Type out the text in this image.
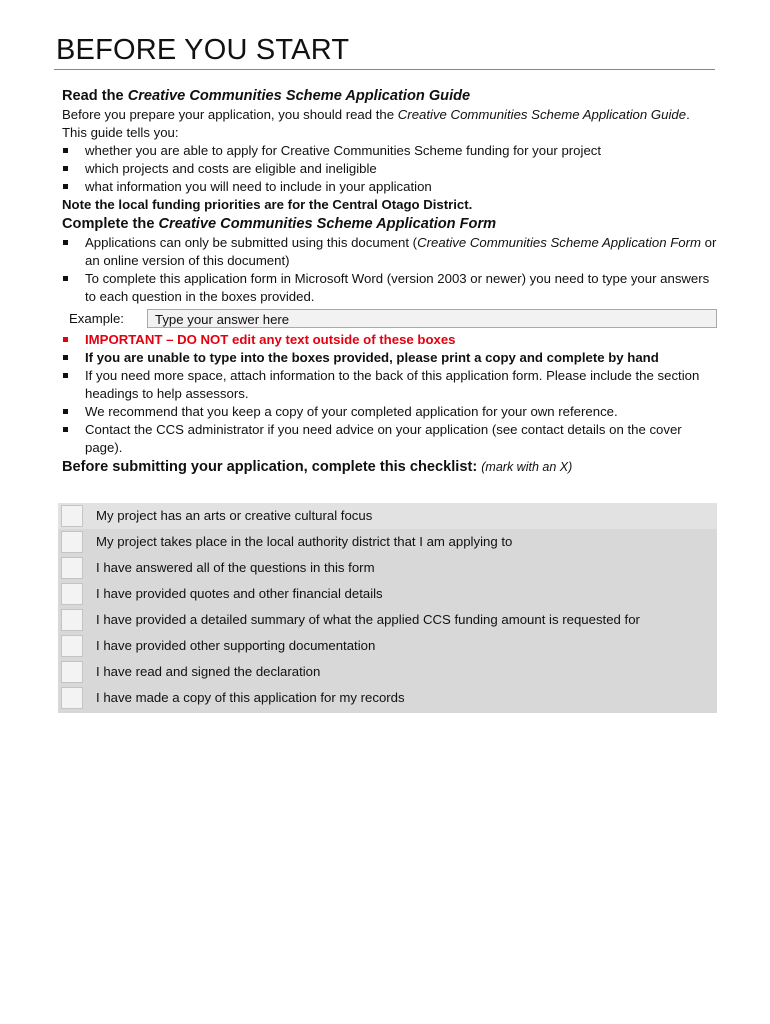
BEFORE YOU START
Read the Creative Communities Scheme Application Guide

Before you prepare your application, you should read the Creative Communities Scheme Application Guide. This guide tells you:

whether you are able to apply for Creative Communities Scheme funding for your project
which projects and costs are eligible and ineligible
what information you will need to include in your application

Note the local funding priorities are for the Central Otago District.

Complete the Creative Communities Scheme Application Form
Applications can only be submitted using this document (Creative Communities Scheme Application Form or an online version of this document)
To complete this application form in Microsoft Word (version 2003 or newer) you need to type your answers to each question in the boxes provided.
Example:	Type your answer here
IMPORTANT – DO NOT edit any text outside of these boxes
If you are unable to type into the boxes provided, please print a copy and complete by hand
If you need more space, attach information to the back of this application form. Please include the section headings to help assessors.
We recommend that you keep a copy of your completed application for your own reference.
Contact the CCS administrator if you need advice on your application (see contact details on the cover page).
Before submitting your application, complete this checklist: (mark with an X)
My project has an arts or creative cultural focus
My project takes place in the local authority district that I am applying to
I have answered all of the questions in this form
I have provided quotes and other financial details
I have provided a detailed summary of what the applied CCS funding amount is requested for
I have provided other supporting documentation
I have read and signed the declaration
I have made a copy of this application for my records
